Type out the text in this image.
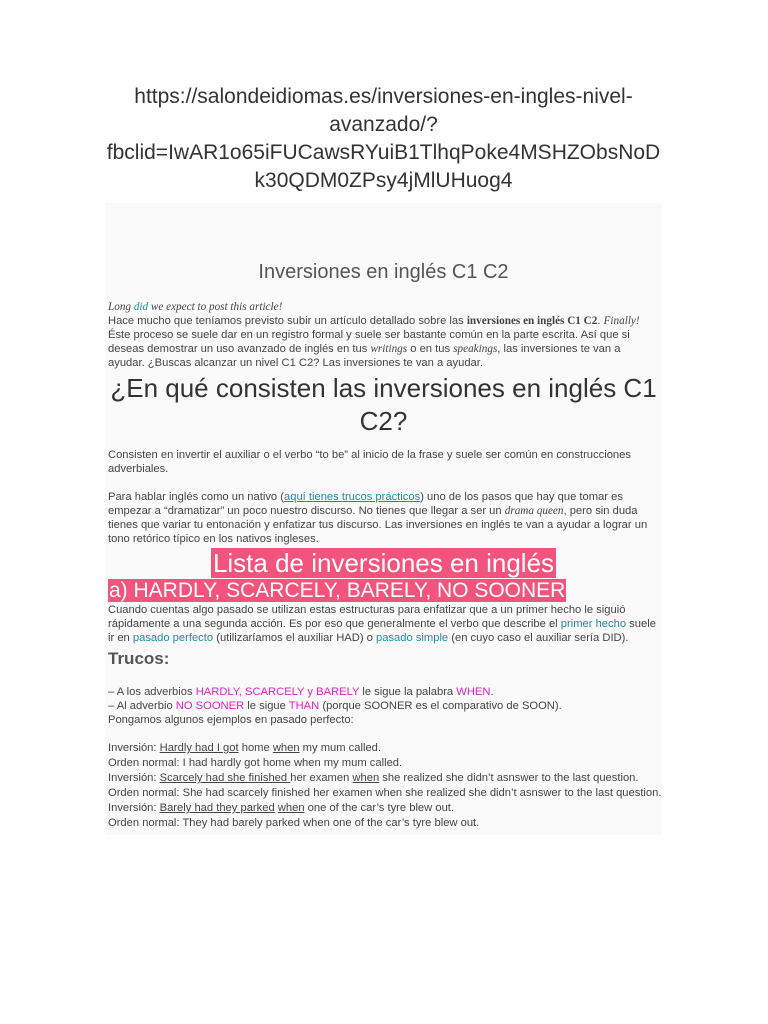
https://salondeidiomas.es/inversiones-en-ingles-nivel-avanzado/?fbclid=IwAR1o65iFUCawsRYuiB1TlhqPoke4MSHZObsNoDk30QDM0ZPsy4jMlUHuog4

Inversiones en inglés C1 C2

Long did we expect to post this article!

Hace mucho que teníamos previsto subir un artículo detallado sobre las inversiones en inglés C1 C2. Finally!

Éste proceso se suele dar en un registro formal y suele ser bastante común en la parte escrita. Así que si deseas demostrar un uso avanzado de inglés en tus writings o en tus speakings, las inversiones te van a ayudar. ¿Buscas alcanzar un nivel C1 C2? Las inversiones te van a ayudar.

¿En qué consisten las inversiones en inglés C1 C2?

Consisten en invertir el auxiliar o el verbo “to be” al inicio de la frase y suele ser común en construcciones adverbiales.

Para hablar inglés como un nativo (aquí tienes trucos prácticos) uno de los pasos que hay que tomar es empezar a “dramatizar” un poco nuestro discurso. No tienes que llegar a ser un drama queen, pero sin duda tienes que variar tu entonación y enfatizar tus discurso. Las inversiones en inglés te van a ayudar a lograr un tono retórico típico en los nativos ingleses.

Lista de inversiones en inglés
a) HARDLY, SCARCELY, BARELY, NO SOONER

Cuando cuentas algo pasado se utilizan estas estructuras para enfatizar que a un primer hecho le siguió rápidamente a una segunda acción. Es por eso que generalmente el verbo que describe el primer hecho suele ir en pasado perfecto (utilizaríamos el auxiliar HAD) o pasado simple (en cuyo caso el auxiliar sería DID).

Trucos:

– A los adverbios HARDLY, SCARCELY y BARELY le sigue la palabra WHEN.

– Al adverbio NO SOONER le sigue THAN (porque SOONER es el comparativo de SOON).

Pongamos algunos ejemplos en pasado perfecto:

Inversión: Hardly had I got home when my mum called.

Orden normal: I had hardly got home when my mum called.

Inversión: Scarcely had she finished her examen when she realized she didn’t asnswer to the last question.

Orden normal: She had scarcely finished her examen when she realized she didn’t asnswer to the last question.

Inversión: Barely had they parked when one of the car’s tyre blew out.

Orden normal: They had barely parked when one of the car’s tyre blew out.
